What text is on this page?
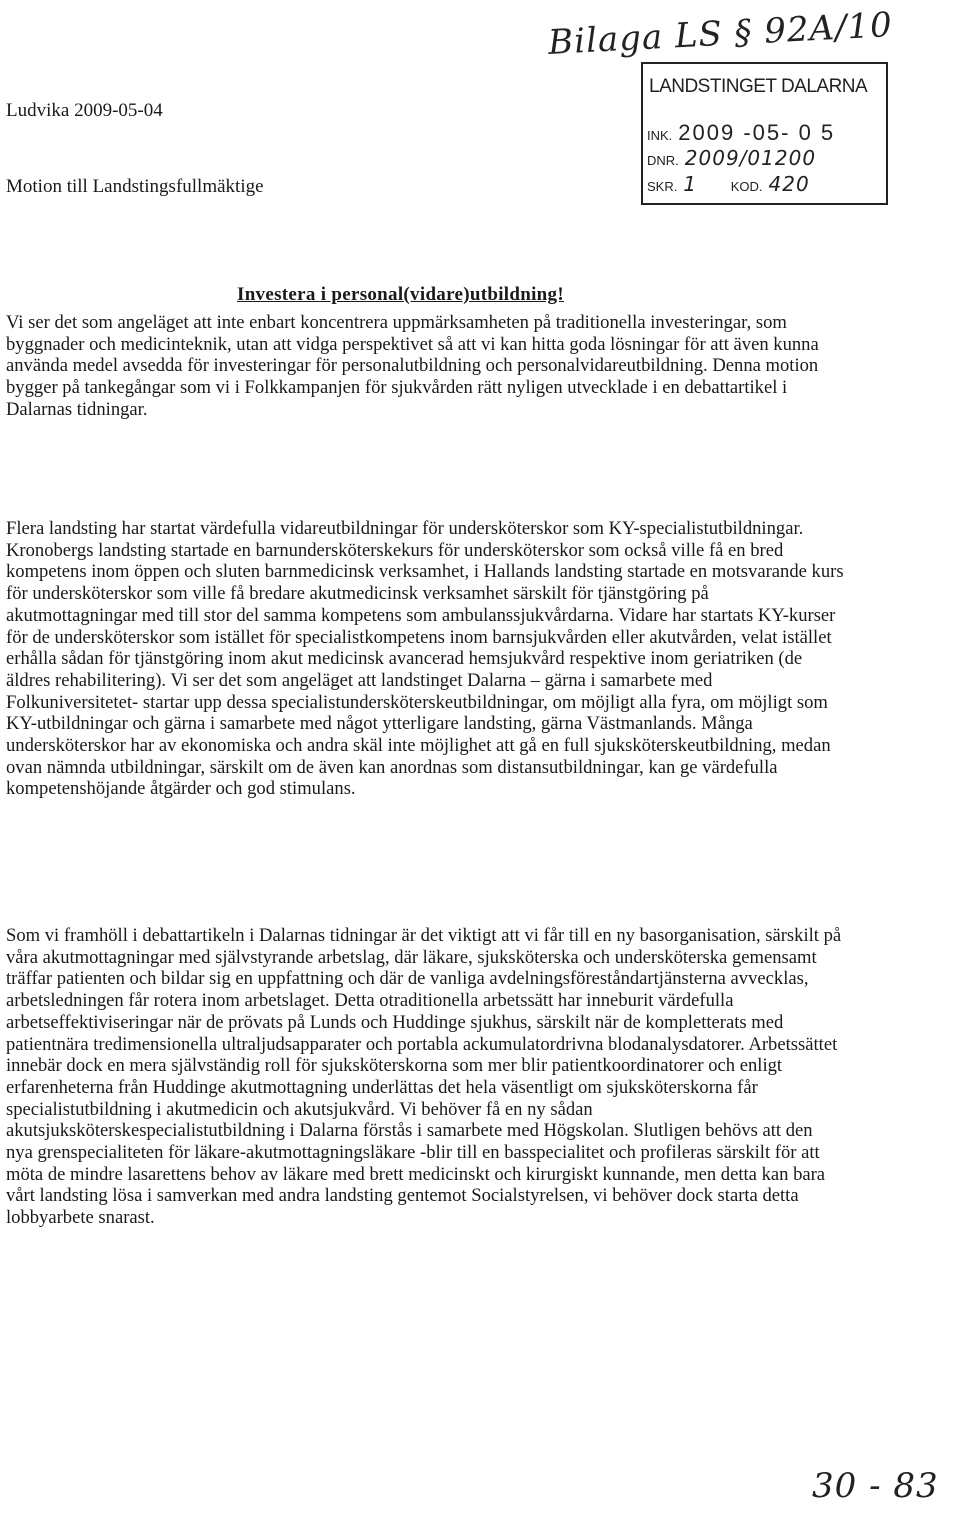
Bilaga LS § 92A/10
Ludvika 2009-05-04
Motion till Landstingsfullmäktige
LANDSTINGET DALARNA
INK. 2009 -05- 0 5
DNR. 2009/01200
SKR. 1	KOD. 420
Investera i personal(vidare)utbildning!

Vi ser det som angeläget att inte enbart koncentrera uppmärksamheten på traditionella investeringar, som byggnader och medicinteknik, utan att vidga perspektivet så att vi kan hitta goda lösningar för att även kunna använda medel avsedda för investeringar för personalutbildning och personalvidareutbildning. Denna motion bygger på tankegångar som vi i Folkkampanjen för sjukvården rätt nyligen utvecklade i en debattartikel i Dalarnas tidningar.

Flera landsting har startat värdefulla vidareutbildningar för undersköterskor som KY-specialistutbildningar. Kronobergs landsting startade en barnundersköterskekurs för undersköterskor som också ville få en bred kompetens inom öppen och sluten barnmedicinsk verksamhet, i Hallands landsting startade en motsvarande kurs för undersköterskor som ville få bredare akutmedicinsk verksamhet särskilt för tjänstgöring på akutmottagningar med till stor del samma kompetens som ambulanssjukvårdarna. Vidare har startats KY-kurser för de undersköterskor som istället för specialistkompetens inom barnsjukvården eller akutvården, velat istället erhålla sådan för tjänstgöring inom akut medicinsk avancerad hemsjukvård respektive inom geriatriken (de äldres rehabilitering). Vi ser det som angeläget att landstinget Dalarna – gärna i samarbete med Folkuniversitetet- startar upp dessa specialistundersköterskeutbildningar, om möjligt alla fyra, om möjligt som KY-utbildningar och gärna i samarbete med något ytterligare landsting, gärna Västmanlands. Många undersköterskor har av ekonomiska och andra skäl inte möjlighet att gå en full sjuksköterskeutbildning, medan ovan nämnda utbildningar, särskilt om de även kan anordnas som distansutbildningar, kan ge värdefulla kompetenshöjande åtgärder och god stimulans.

Som vi framhöll i debattartikeln i Dalarnas tidningar är det viktigt att vi får till en ny basorganisation, särskilt på våra akutmottagningar med självstyrande arbetslag, där läkare, sjuksköterska och undersköterska gemensamt träffar patienten och bildar sig en uppfattning och där de vanliga avdelningsföreståndartjänsterna avvecklas, arbetsledningen får rotera inom arbetslaget. Detta otraditionella arbetssätt har inneburit värdefulla arbetseffektiviseringar när de prövats på Lunds och Huddinge sjukhus, särskilt när de kompletterats med patientnära tredimensionella ultraljudsapparater och portabla ackumulatordrivna blodanalysdatorer. Arbetssättet innebär dock en mera självständig roll för sjuksköterskorna som mer blir patientkoordinatorer och enligt erfarenheterna från Huddinge akutmottagning underlättas det hela väsentligt om sjuksköterskorna får specialistutbildning i akutmedicin och akutsjukvård. Vi behöver få en ny sådan akutsjuksköterskespecialistutbildning i Dalarna förstås i samarbete med Högskolan. Slutligen behövs att den nya grenspecialiteten för läkare-akutmottagningsläkare -blir till en basspecialitet och profileras särskilt för att möta de mindre lasarettens behov av läkare med brett medicinskt och kirurgiskt kunnande, men detta kan bara vårt landsting lösa i samverkan med andra landsting gentemot Socialstyrelsen, vi behöver dock starta detta lobbyarbete snarast.

30 - 83
